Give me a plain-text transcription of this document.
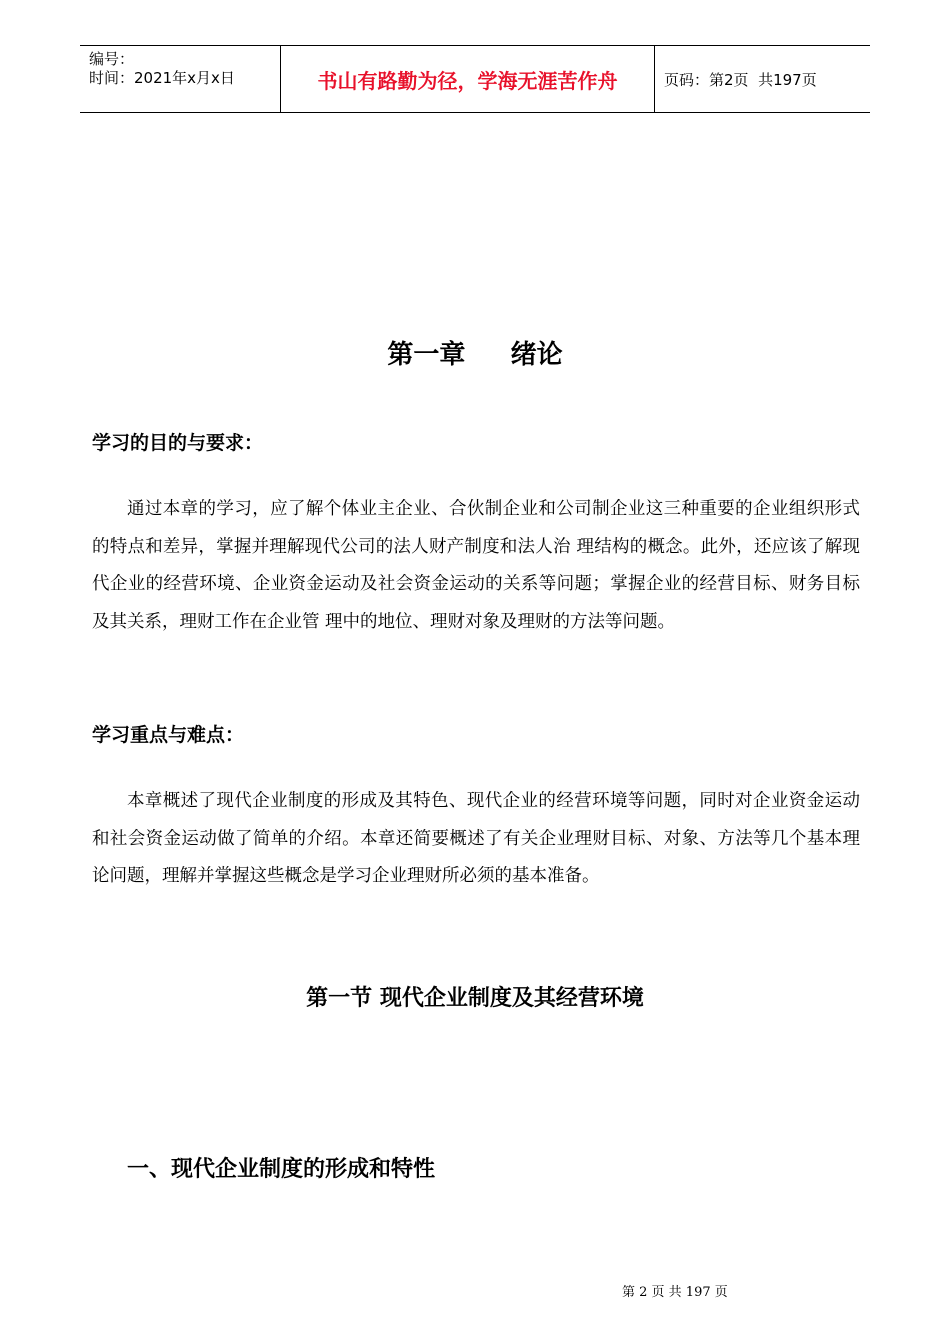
编号：
时间：2021年x月x日	书山有路勤为径，学海无涯苦作舟	页码：第2页  共197页
第一章     绪论
学习的目的与要求：

通过本章的学习，应了解个体业主企业、合伙制企业和公司制企业这三种重要的企业组织形式的特点和差异，掌握并理解现代公司的法人财产制度和法人治 理结构的概念。此外，还应该了解现代企业的经营环境、企业资金运动及社会资金运动的关系等问题；掌握企业的经营目标、财务目标及其关系，理财工作在企业管 理中的地位、理财对象及理财的方法等问题。

学习重点与难点：

本章概述了现代企业制度的形成及其特色、现代企业的经营环境等问题，同时对企业资金运动和社会资金运动做了简单的介绍。本章还简要概述了有关企业理财目标、对象、方法等几个基本理论问题，理解并掌握这些概念是学习企业理财所必须的基本准备。

第一节 现代企业制度及其经营环境
一、现代企业制度的形成和特性
第 2 页 共 197 页
